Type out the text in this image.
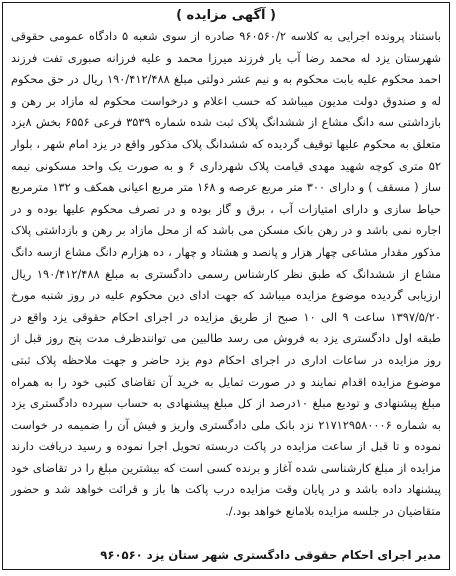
( آگهی مزایده )

باستناد پرونده اجرایی به کلاسه ۹۶۰۵۶۰/۲ صادره از سوی شعبه ۵ دادگاه عمومی حقوقی شهرستان یزد له محمد رضا آب یار فرزند میرزا محمد و علیه فرزانه صبوری تفت فرزند احمد محکوم علیه بابت محکوم به و نیم عشر دولتی مبلغ ۱۹۰/۴۱۲/۴۸۸ ریال در حق محکوم له و صندوق دولت مدیون میباشد که حسب اعلام و درخواست محکوم له مازاد بر رهن و بازداشتی سه دانگ مشاع از ششدانگ پلاک ثبت شده شماره ۳۵۳۹ فرعی ۶۵۵۶ بخش ۸یزد متعلق به محکوم علیها توقیف گردیده که ششدانگ پلاک مذکور واقع در یزد امام شهر ، بلوار ۵۲ متری کوچه شهید مهدی قیامت پلاک شهرداری ۶ و به صورت یک واحد مسکونی نیمه ساز ( مسقف ) و دارای ۳۰۰ متر مربع عرصه و ۱۶۸ متر مربع اعیانی همکف و ۱۳۲ مترمربع حیاط سازی و دارای امتیازات آب ، برق و گاز بوده و در تصرف محکوم علیها بوده و در اجاره نمی باشد و در رهن بانک مسکن می باشد که از محل مازاد بر رهن و بازداشتی پلاک مذکور مقدار مشاعی چهار هزار و پانصد و هشتاد و چهار ، ده هزارم دانگ مشاع ازسه دانگ مشاع از ششدانگ که طبق نظر کارشناس رسمی دادگستری به مبلغ ۱۹۰/۴۱۲/۴۸۸ ریال ارزیابی گردیده موضوع مزایده میباشد که جهت ادای دین محکوم علیه در روز شنبه مورخ ۱۳۹۷/۵/۲۰ ساعت ۹ الی ۱۰ صبح از طریق مزایده در اجرای احکام حقوقی یزد واقع در طبقه اول دادگستری یزد به فروش می رسد طالبین می توانندظرف مدت پنج روز قبل از روز مزایده در ساعات اداری در اجرای احکام دوم یزد حاضر و جهت ملاحظه پلاک ثبتی موضوع مزایده اقدام نمایند و در صورت تمایل به خرید آن تقاضای کتبی خود را به همراه مبلغ پیشنهادی و تودیع مبلغ ۱۰درصد از کل مبلغ پیشنهادی به حساب سپرده دادگستری یزد به شماره ۲۱۷۱۲۹۵۸۰۰۰۶ نزد بانک ملی دادگستری واریز و فیش آن را ضمیمه در خواست نموده و تا قبل از ساعت مزایده در پاکت دربسته تحویل اجرا نموده و رسید دریافت دارند مزایده از مبلغ کارشناسی شده آغاز و برنده کسی است که بیشترین مبلغ را در تقاضای خود پیشنهاد داده باشد و در پایان وقت مزایده درب پاکت ها باز و قرائت خواهد شد و حضور متقاضیان در جلسه مزایده بلامانع خواهد بود./.

مدیر اجرای احکام حقوقی دادگستری شهر ستان یزد ۹۶۰۵۶۰
